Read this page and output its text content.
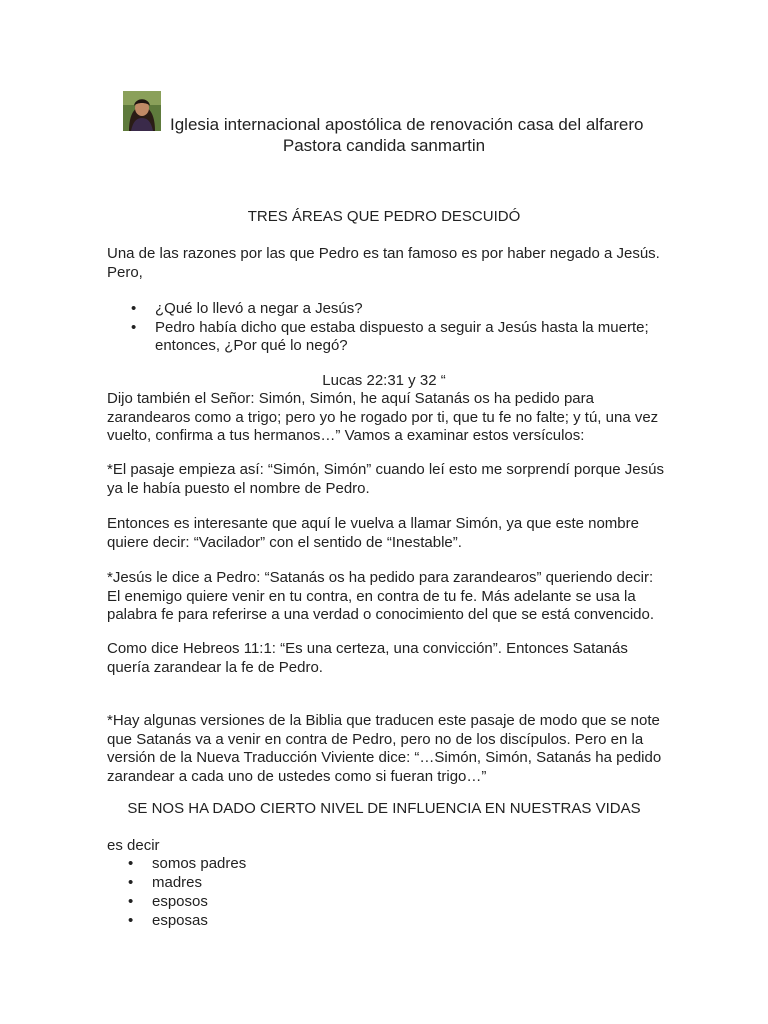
Iglesia internacional apostólica de renovación casa del alfarero
Pastora candida sanmartin
TRES ÁREAS QUE PEDRO DESCUIDÓ

Una de las razones por las que Pedro es tan famoso es por haber negado a Jesús. Pero,

• ¿Qué lo llevó a negar a Jesús?
• Pedro había dicho que estaba dispuesto a seguir a Jesús hasta la muerte; entonces, ¿Por qué lo negó?

Lucas 22:31 y 32 “

Dijo también el Señor: Simón, Simón, he aquí Satanás os ha pedido para zarandearos como a trigo; pero yo he rogado por ti, que tu fe no falte; y tú, una vez vuelto, confirma a tus hermanos…” Vamos a examinar estos versículos:

*El pasaje empieza así: “Simón, Simón” cuando leí esto me sorprendí porque Jesús ya le había puesto el nombre de Pedro.

Entonces es interesante que aquí le vuelva a llamar Simón, ya que este nombre quiere decir: “Vacilador” con el sentido de “Inestable”.

*Jesús le dice a Pedro: “Satanás os ha pedido para zarandearos” queriendo decir: El enemigo quiere venir en tu contra, en contra de tu fe. Más adelante se usa la palabra fe para referirse a una verdad o conocimiento del que se está convencido.

Como dice Hebreos 11:1: “Es una certeza, una convicción”. Entonces Satanás quería zarandear la fe de Pedro.

*Hay algunas versiones de la Biblia que traducen este pasaje de modo que se note que Satanás va a venir en contra de Pedro, pero no de los discípulos. Pero en la versión de la Nueva Traducción Viviente dice: “…Simón, Simón, Satanás ha pedido zarandear a cada uno de ustedes como si fueran trigo…”

SE NOS HA DADO CIERTO NIVEL DE INFLUENCIA EN NUESTRAS VIDAS

es decir

• somos padres
• madres
• esposos
• esposas
